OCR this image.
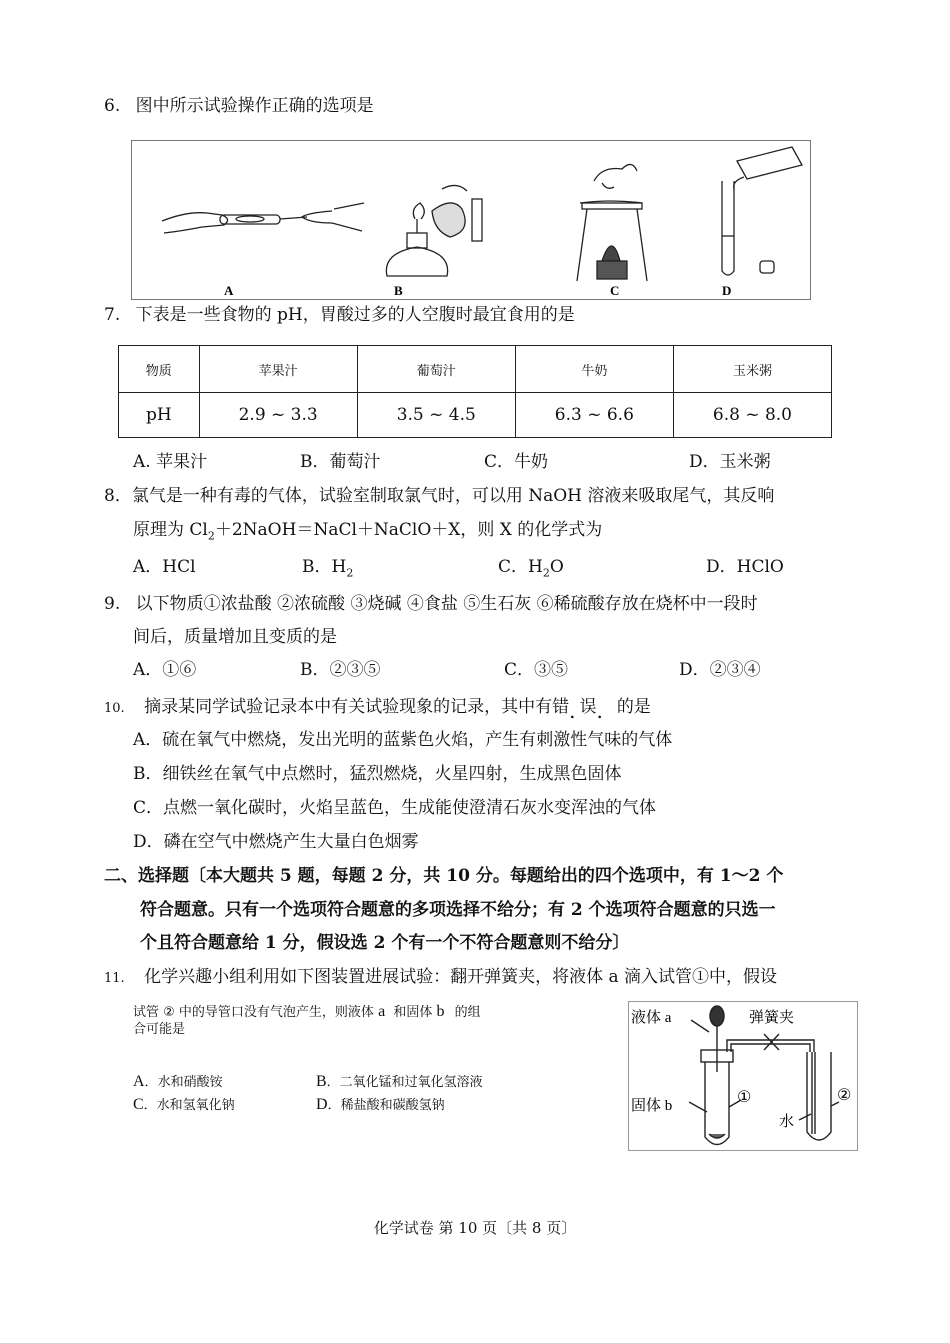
6. 图中所示试验操作正确的选项是
A	B	C	D
7. 下表是一些食物的 pH，胃酸过多的人空腹时最宜食用的是
物质	苹果汁	葡萄汁	牛奶	玉米粥
pH	2.9 ~ 3.3	3.5 ~ 4.5	6.3 ~ 6.6	6.8 ~ 8.0
A. 苹果汁	B．葡萄汁	C．牛奶	D．玉米粥
8．氯气是一种有毒的气体，试验室制取氯气时，可以用 NaOH 溶液来吸取尾气，其反响
原理为 $Cl_2+2NaOH=NaCl+NaClO+X$，则 X 的化学式为
A．HCl	B．$H_2$	C．$H_2O$	D．HClO
9. 以下物质①浓盐酸 ②浓硫酸 ③烧碱 ④食盐 ⑤生石灰 ⑥稀硫酸存放在烧杯中一段时
间后，质量增加且变质的是
A．①⑥	B．②③⑤	C．③⑤	D．②③④
10. 摘录某同学试验记录本中有关试验现象的记录，其中有错. 误. 的是
A．硫在氧气中燃烧，发出光明的蓝紫色火焰，产生有刺激性气味的气体
B．细铁丝在氧气中点燃时，猛烈燃烧，火星四射，生成黑色固体
C．点燃一氧化碳时，火焰呈蓝色，生成能使澄清石灰水变浑浊的气体
D．磷在空气中燃烧产生大量白色烟雾
二、选择题〔本大题共 5 题，每题 2 分，共 10 分。每题给出的四个选项中，有 1～2 个
符合题意。只有一个选项符合题意的多项选择不给分；有 2 个选项符合题意的只选一
个且符合题意给 1 分，假设选 2 个有一个不符合题意则不给分〕
11. 化学兴趣小组利用如下图装置进展试验：翻开弹簧夹，将液体 a 滴入试管①中，假设
试管 ② 中的导管口没有气泡产生，则液体 a 和固体 b 的组
合可能是
A．水和硝酸铵	B．二氧化锰和过氧化氢溶液
C．水和氢氧化钠	D．稀盐酸和碳酸氢钠
液体 a	弹簧夹
固体 b	①	②
水
化学试卷 第 10 页〔共 8 页〕
